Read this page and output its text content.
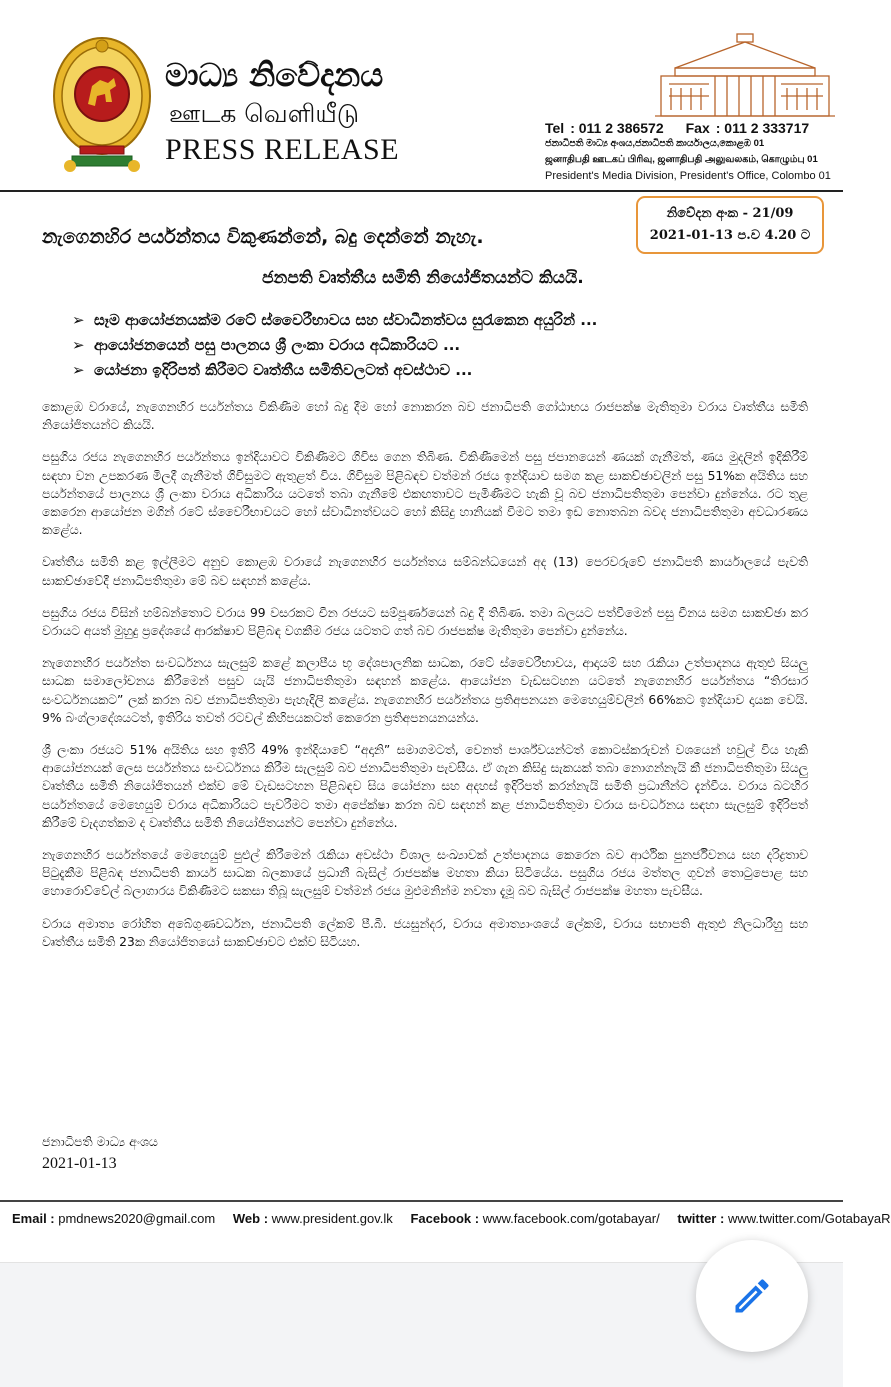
මාධ්‍ය නිවේදනය
ஊடக வெளியீடு
PRESS RELEASE
Tel : 011 2 386572 Fax : 011 2 333717
ජනාධිපති මාධ්‍ය අංශය,ජනාධිපති කාර්යාලය,කොළඹ 01
ஜனாதிபதி ஊடகப் பிரிவு, ஜனாதிபதி அலுவலகம், கொழும்பு 01
President's Media Division, President's Office, Colombo 01
නිවේදන අංක - 21/09
2021-01-13 ප.ව 4.20 ට
නැගෙනහිර පර්යන්තය විකුණන්නේ, බදු දෙන්නේ නැහැ.
ජනපති වෘත්තීය සමිති නියෝජිතයන්ට කියයි.
➢ සෑම ආයෝජනයක්ම රටේ ස්වෛරීභාවය සහ ස්වාධීනත්වය සුරැකෙන අයුරින් ...
➢ ආයෝජනයෙන් පසු පාලනය ශ්‍රී ලංකා වරාය අධිකාරියට ...
➢ යෝජනා ඉදිරිපත් කිරීමට වෘත්තීය සමිතිවලටත් අවස්ථාව ...

කොළඹ වරායේ, නැගෙනහිර පර්යන්තය විකිණීම හෝ බදු දීම හෝ නොකරන බව ජනාධිපති ගෝඨාභය රාජපක්ෂ මැතිතුමා වරාය වෘත්තීය සමිති නියෝජිතයන්ට කියයි.

පසුගිය රජය නැගෙනහිර පර්යන්තය ඉන්දියාවට විකිණීමට ගිවිස ගෙන තිබිණ. විකිණීමෙන් පසු ජපානයෙන් ණයක් ගැනීමත්, ණය මුදලින් ඉදිකිරීම් සඳහා වන උපකරණ මිලදී ගැනීමත් ගිවිසුමට ඇතුළත් විය. ගිවිසුම පිළිබඳව වත්මන් රජය ඉන්දියාව සමග කළ සාකච්ඡාවලින් පසු 51%ක අයිතිය සහ පර්යන්තයේ පාලනය ශ්‍රී ලංකා වරාය අධිකාරිය යටතේ තබා ගැනීමේ එකඟතාවට පැමිණීමට හැකි වූ බව ජනාධිපතිතුමා පෙන්වා දුන්නේය. රට තුළ කෙරෙන ආයෝජන මගින් රටේ ස්වෛරීභාවයට හෝ ස්වාධීනත්වයට හෝ කිසිදු හානියක් වීමට තමා ඉඩ නොතබන බවද ජනාධිපතිතුමා අවධාරණය කළේය.

වෘත්තීය සමිති කළ ඉල්ලීමට අනුව කොළඹ වරායේ නැගෙනහිර පර්යන්තය සම්බන්ධයෙන් අද (13) පෙරවරුවේ ජනාධිපති කාර්යාලයේ පැවති සාකච්ඡාවේදී ජනාධිපතිතුමා මේ බව සඳහන් කළේය.

පසුගිය රජය විසින් හම්බන්තොට වරාය 99 වසරකට චීන රජයට සම්පූර්ණයෙන් බදු දී තිබිණ. තමා බලයට පත්වීමෙන් පසු චීනය සමග සාකච්ඡා කර වරායට අයත් මුහුදු ප්‍රදේශයේ ආරක්ෂාව පිළිබඳ වගකීම රජය යටතට ගත් බව රාජපක්ෂ මැතිතුමා පෙන්වා දුන්නේය.

නැගෙනහිර පර්යන්ත සංවර්ධනය සැලසුම් කළේ කලාපීය භූ දේශපාලනික සාධක, රටේ ස්වෛරීභාවය, ආදායම් සහ රැකියා උත්පාදනය ඇතුළු සියලු සාධක සමාලෝචනය කිරීමෙන් පසුව යැයි ජනාධිපතිතුමා සඳහන් කළේය. ආයෝජන වැඩසටහන යටතේ නැගෙනහිර පර්යන්තය “තිරසාර සංවර්ධනයකට” ලක් කරන බව ජනාධිපතිතුමා පැහැදිලි කළේය. නැගෙනහිර පර්යන්තය ප්‍රතිඅපනයන මෙහෙයුම්වලින් 66%කට ඉන්දියාව දායක වෙයි. 9% බංග්ලාදේශයටත්, ඉතිරිය තවත් රටවල් කිහිපයකටත් කෙරෙන ප්‍රතිඅපනයනයන්ය.

ශ්‍රී ලංකා රජයට 51% අයිතිය සහ ඉතිරි 49% ඉන්දියාවේ “අදානි” සමාගමටත්, වෙනත් පාර්ශ්වයන්ටත් කොටස්කරුවන් වශයෙන් හවුල් විය හැකි ආයෝජනයක් ලෙස පර්යන්තය සංවර්ධනය කිරීම සැලසුම් බව ජනාධිපතිතුමා පැවසීය. ඒ ගැන කිසිදු සැකයක් තබා නොගන්නැයි කී ජනාධිපතිතුමා සියලු වෘත්තීය සමිති නියෝජිතයන් එක්ව මේ වැඩසටහන පිළිබඳව සිය යෝජනා සහ අදහස් ඉදිරිපත් කරන්නැයි සමිති ප්‍රධානීන්ට දැන්වීය. වරාය බටහිර පර්යන්තයේ මෙහෙයුම් වරාය අධිකාරියට පැවරීමට තමා අපේක්ෂා කරන බව සඳහන් කළ ජනාධිපතිතුමා වරාය සංවර්ධනය සඳහා සැලසුම් ඉදිරිපත් කිරීමේ වැදගත්කම ද වෘත්තීය සමිති නියෝජිතයන්ට පෙන්වා දුන්නේය.

නැගෙනහිර පර්යන්තයේ මෙහෙයුම් පුළුල් කිරීමෙන් රැකියා අවස්ථා විශාල සංඛ්‍යාවක් උත්පාදනය කෙරෙන බව ආර්ථික පුනර්ජීවනය සහ දරිද්‍රතාව පිටුදැකීම පිළිබඳ ජනාධිපති කාර්ය සාධක බලකායේ ප්‍රධානී බැසිල් රාජපක්ෂ මහතා කියා සිටියේය. පසුගිය රජය මත්තල ගුවන් තොටුපොළ සහ හොරොව්වේල් බලාගාරය විකිණීමට සකසා තිබූ සැලසුම් වත්මන් රජය මුළුමනින්ම නවතා දැමූ බව බැසිල් රාජපක්ෂ මහතා පැවසීය.

වරාය අමාත්‍ය රෝහිත අබේගුණවර්ධන, ජනාධිපති ලේකම් පී.බී. ජයසුන්දර, වරාය අමාත්‍යාංශයේ ලේකම්, වරාය සභාපති ඇතුළු නිලධාරීහු සහ වෘත්තීය සමිති 23ක නියෝජිතයෝ සාකච්ඡාවට එක්ව සිටියහ.

ජනාධිපති මාධ්‍ය අංශය
2021-01-13
Email : pmdnews2020@gmail.com Web : www.president.gov.lk Facebook : www.facebook.com/gotabayar/ twitter : www.twitter.com/GotabayaR
